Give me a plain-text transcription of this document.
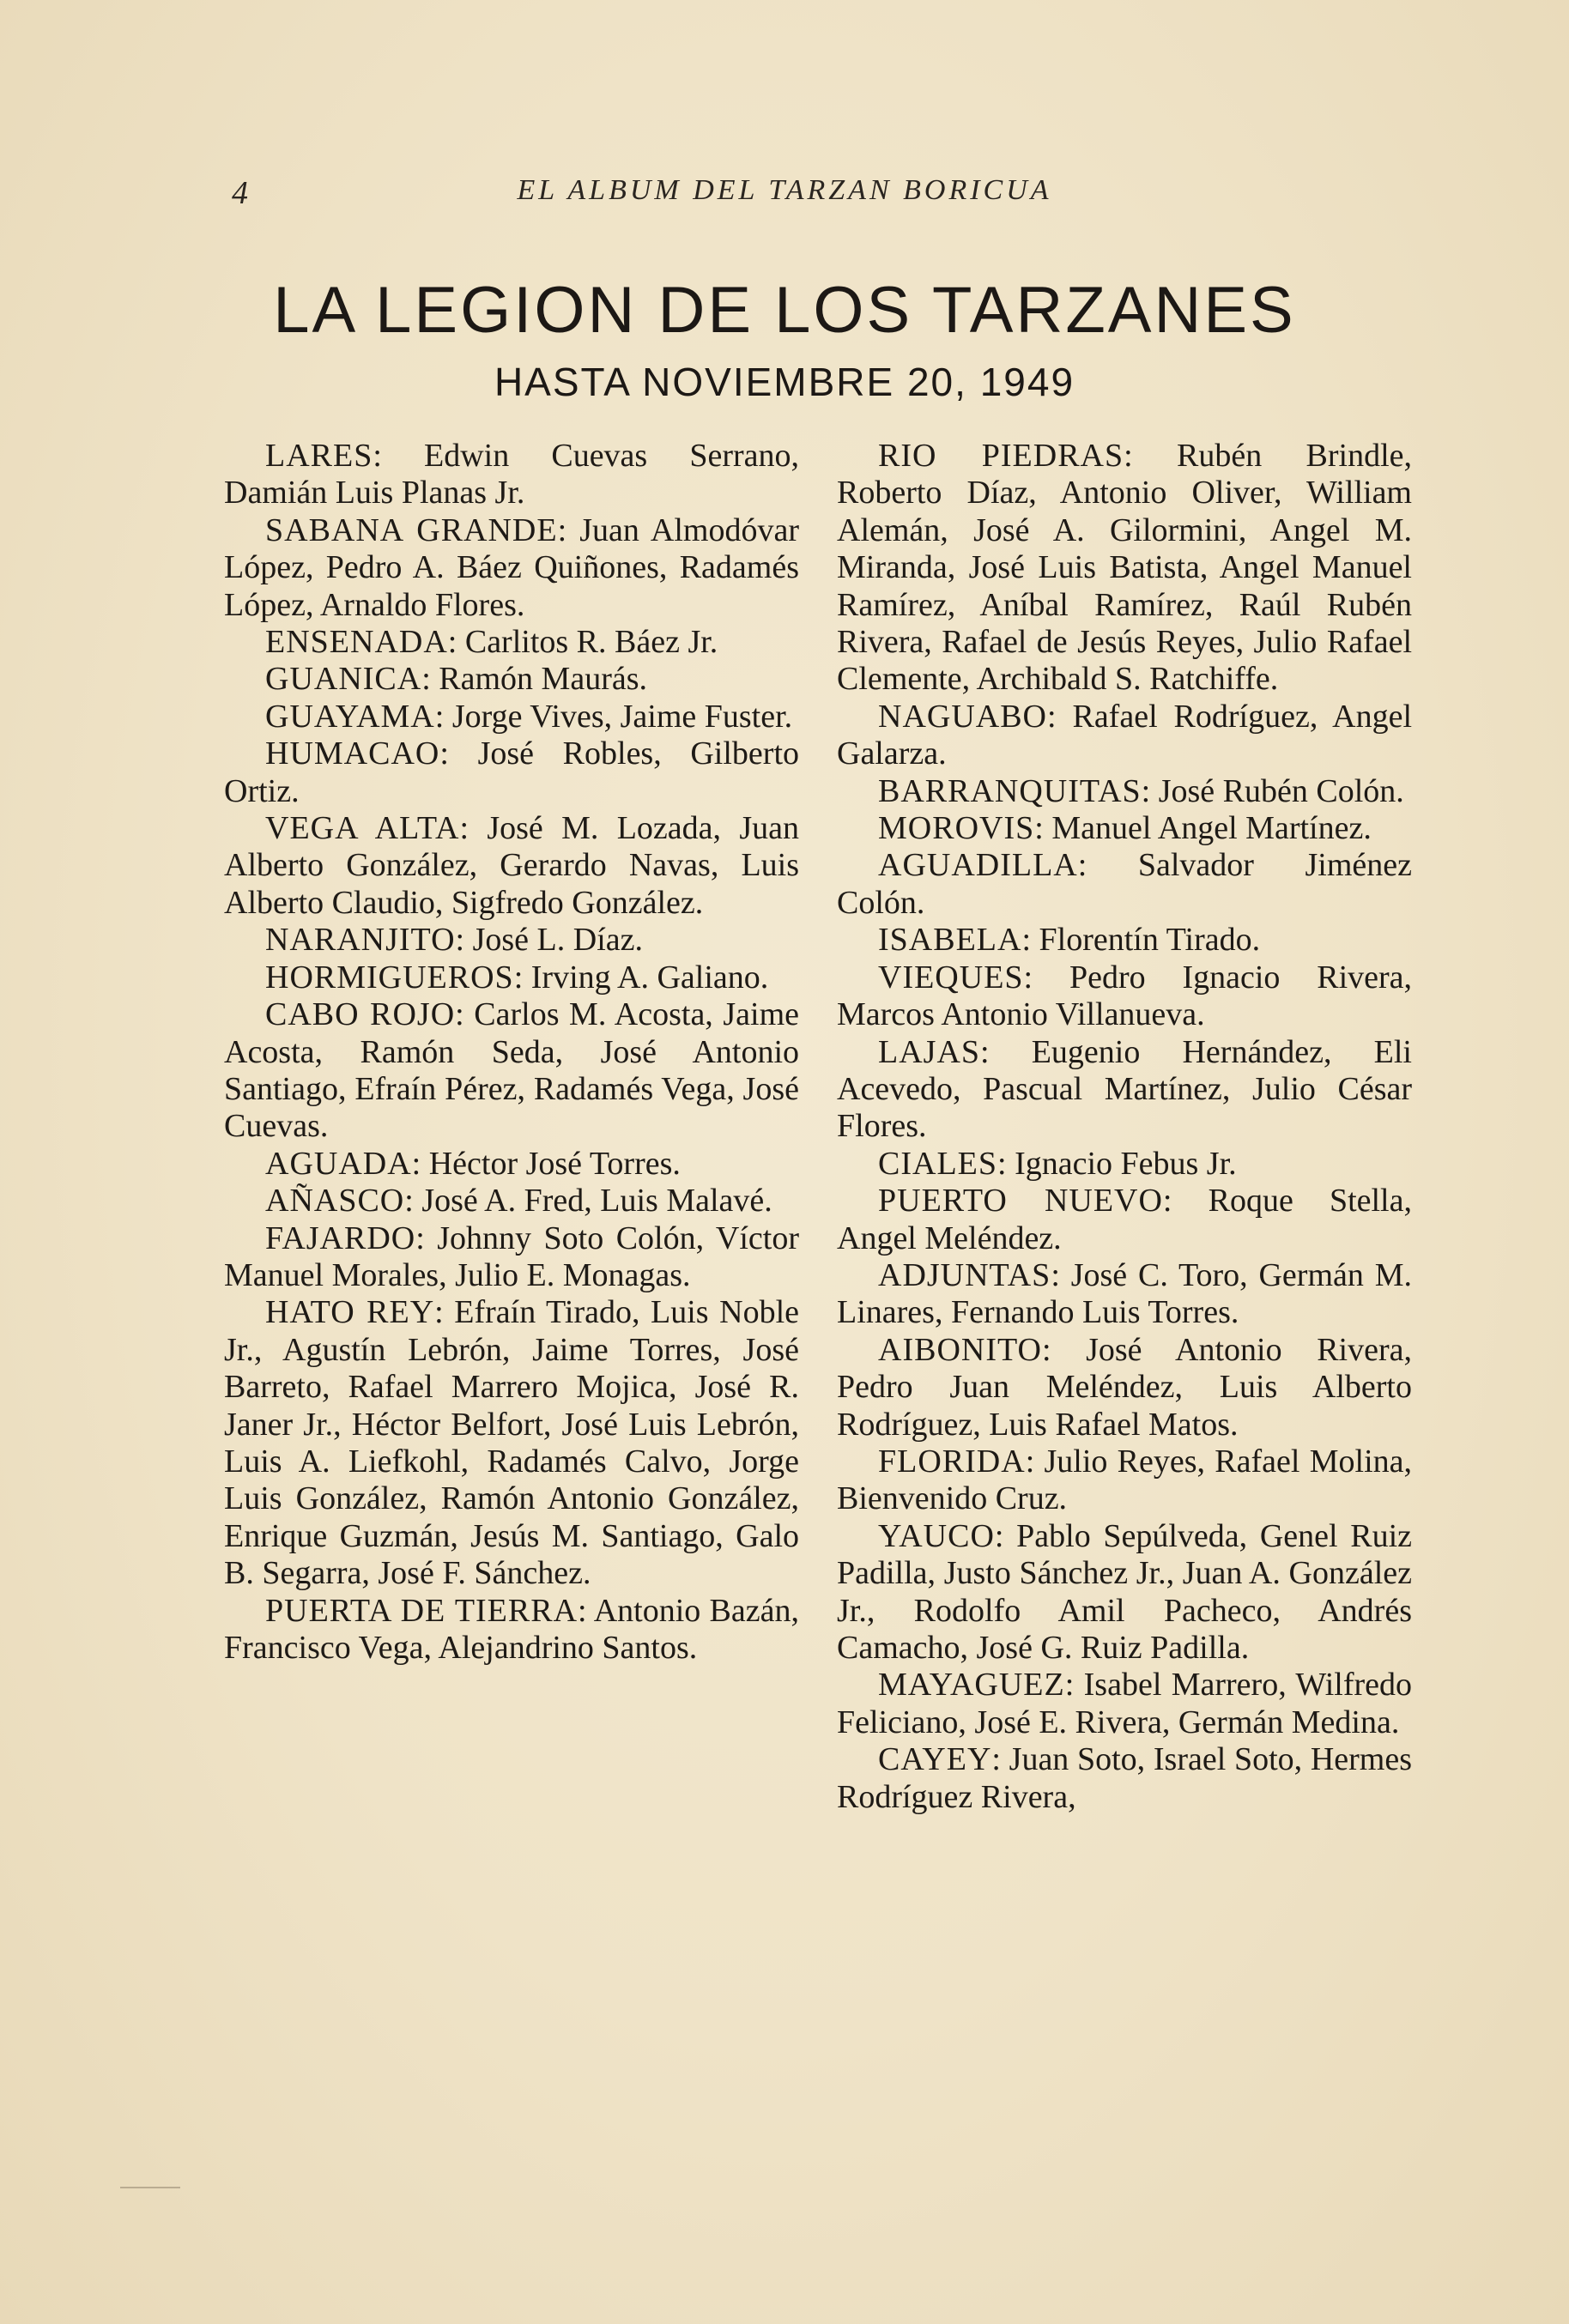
4	EL ALBUM DEL TARZAN BORICUA
LA LEGION DE LOS TARZANES
HASTA NOVIEMBRE 20, 1949

LARES: Edwin Cuevas Serrano, Damián Luis Planas Jr.

SABANA GRANDE: Juan Almodóvar López, Pedro A. Báez Quiñones, Radamés López, Arnaldo Flores.

ENSENADA: Carlitos R. Báez Jr.

GUANICA: Ramón Maurás.

GUAYAMA: Jorge Vives, Jaime Fuster.

HUMACAO: José Robles, Gilberto Ortiz.

VEGA ALTA: José M. Lozada, Juan Alberto González, Gerardo Navas, Luis Alberto Claudio, Sigfredo González.

NARANJITO: José L. Díaz.

HORMIGUEROS: Irving A. Galiano.

CABO ROJO: Carlos M. Acosta, Jaime Acosta, Ramón Seda, José Antonio Santiago, Efraín Pérez, Radamés Vega, José Cuevas.

AGUADA: Héctor José Torres.

AÑASCO: José A. Fred, Luis Malavé.

FAJARDO: Johnny Soto Colón, Víctor Manuel Morales, Julio E. Monagas.

HATO REY: Efraín Tirado, Luis Noble Jr., Agustín Lebrón, Jaime Torres, José Barreto, Rafael Marrero Mojica, José R. Janer Jr., Héctor Belfort, José Luis Lebrón, Luis A. Liefkohl, Radamés Calvo, Jorge Luis González, Ramón Antonio González, Enrique Guzmán, Jesús M. Santiago, Galo B. Segarra, José F. Sánchez.

PUERTA DE TIERRA: Antonio Bazán, Francisco Vega, Alejandrino Santos.

RIO PIEDRAS: Rubén Brindle, Roberto Díaz, Antonio Oliver, William Alemán, José A. Gilormini, Angel M. Miranda, José Luis Batista, Angel Manuel Ramírez, Aníbal Ramírez, Raúl Rubén Rivera, Rafael de Jesús Reyes, Julio Rafael Clemente, Archibald S. Ratchiffe.

NAGUABO: Rafael Rodríguez, Angel Galarza.

BARRANQUITAS: José Rubén Colón.

MOROVIS: Manuel Angel Martínez.

AGUADILLA: Salvador Jiménez Colón.

ISABELA: Florentín Tirado.

VIEQUES: Pedro Ignacio Rivera, Marcos Antonio Villanueva.

LAJAS: Eugenio Hernández, Eli Acevedo, Pascual Martínez, Julio César Flores.

CIALES: Ignacio Febus Jr.

PUERTO NUEVO: Roque Stella, Angel Meléndez.

ADJUNTAS: José C. Toro, Germán M. Linares, Fernando Luis Torres.

AIBONITO: José Antonio Rivera, Pedro Juan Meléndez, Luis Alberto Rodríguez, Luis Rafael Matos.

FLORIDA: Julio Reyes, Rafael Molina, Bienvenido Cruz.

YAUCO: Pablo Sepúlveda, Genel Ruiz Padilla, Justo Sánchez Jr., Juan A. González Jr., Rodolfo Amil Pacheco, Andrés Camacho, José G. Ruiz Padilla.

MAYAGUEZ: Isabel Marrero, Wilfredo Feliciano, José E. Rivera, Germán Medina.

CAYEY: Juan Soto, Israel Soto, Hermes Rodríguez Rivera,
